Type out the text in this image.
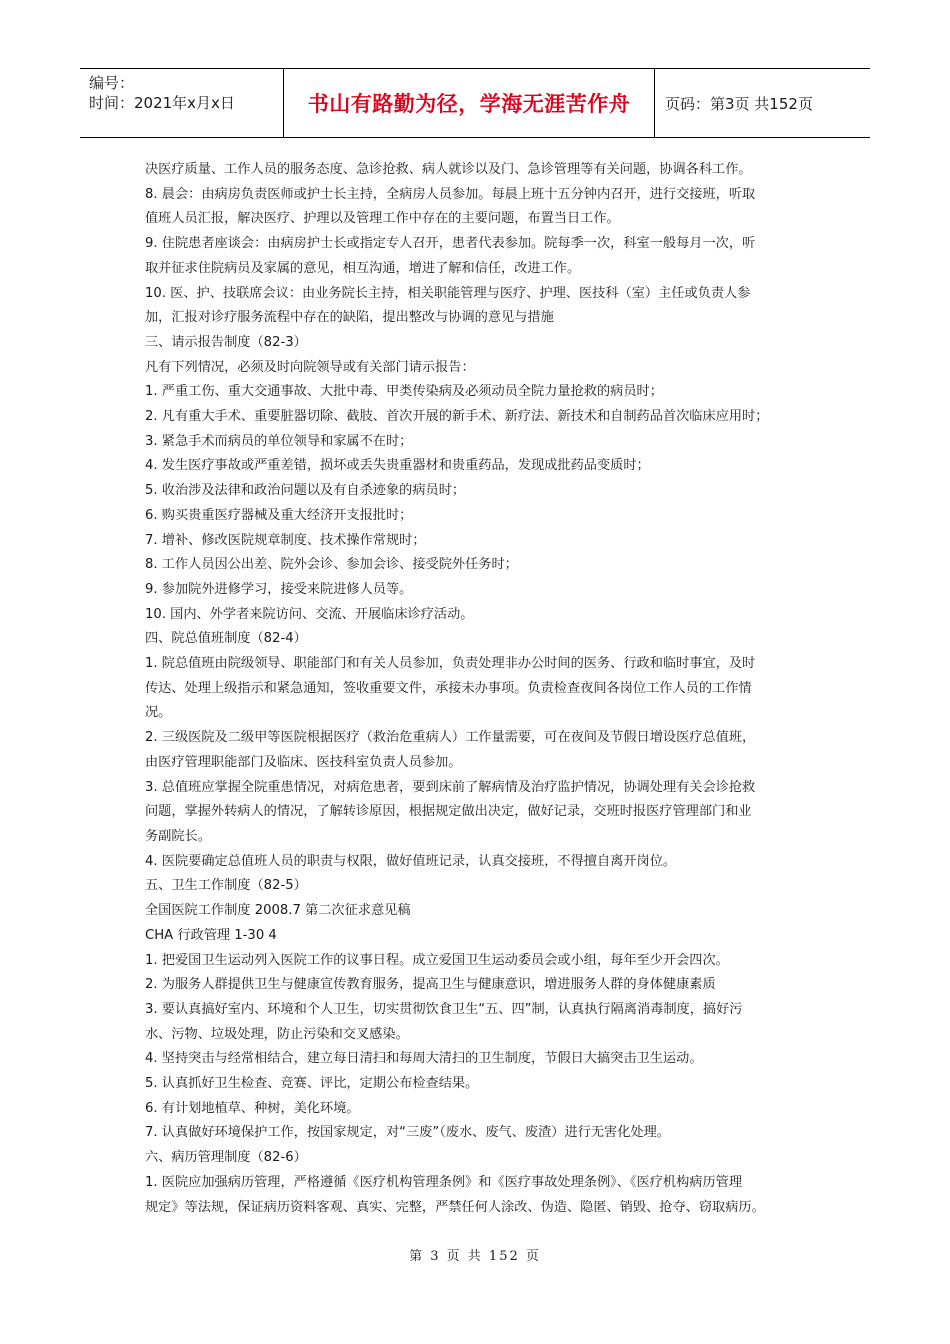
编号：
时间：2021年x月x日	书山有路勤为径，学海无涯苦作舟	页码：第3页 共152页

决医疗质量、工作人员的服务态度、急诊抢救、病人就诊以及门、急诊管理等有关问题，协调各科工作。

8. 晨会：由病房负责医师或护士长主持，全病房人员参加。每晨上班十五分钟内召开，进行交接班，听取

值班人员汇报，解决医疗、护理以及管理工作中存在的主要问题，布置当日工作。

9. 住院患者座谈会：由病房护士长或指定专人召开，患者代表参加。院每季一次，科室一般每月一次，听

取并征求住院病员及家属的意见，相互沟通，增进了解和信任，改进工作。

10. 医、护、技联席会议：由业务院长主持，相关职能管理与医疗、护理、医技科（室）主任或负责人参

加，汇报对诊疗服务流程中存在的缺陷，提出整改与协调的意见与措施

三、请示报告制度（82-3）

凡有下列情况，必须及时向院领导或有关部门请示报告：

1. 严重工伤、重大交通事故、大批中毒、甲类传染病及必须动员全院力量抢救的病员时；

2. 凡有重大手术、重要脏器切除、截肢、首次开展的新手术、新疗法、新技术和自制药品首次临床应用时；

3. 紧急手术而病员的单位领导和家属不在时；

4. 发生医疗事故或严重差错，损坏或丢失贵重器材和贵重药品，发现成批药品变质时；

5. 收治涉及法律和政治问题以及有自杀迹象的病员时；

6. 购买贵重医疗器械及重大经济开支报批时；

7. 增补、修改医院规章制度、技术操作常规时；

8. 工作人员因公出差、院外会诊、参加会诊、接受院外任务时；

9. 参加院外进修学习，接受来院进修人员等。

10. 国内、外学者来院访问、交流、开展临床诊疗活动。

四、院总值班制度（82-4）

1. 院总值班由院级领导、职能部门和有关人员参加，负责处理非办公时间的医务、行政和临时事宜，及时

传达、处理上级指示和紧急通知，签收重要文件，承接未办事项。负责检查夜间各岗位工作人员的工作情

况。

2. 三级医院及二级甲等医院根据医疗（救治危重病人）工作量需要，可在夜间及节假日增设医疗总值班，

由医疗管理职能部门及临床、医技科室负责人员参加。

3. 总值班应掌握全院重患情况，对病危患者，要到床前了解病情及治疗监护情况，协调处理有关会诊抢救

问题，掌握外转病人的情况，了解转诊原因，根据规定做出决定，做好记录，交班时报医疗管理部门和业

务副院长。

4. 医院要确定总值班人员的职责与权限，做好值班记录，认真交接班，不得擅自离开岗位。

五、卫生工作制度（82-5）

全国医院工作制度 2008.7 第二次征求意见稿

CHA 行政管理 1-30 4

1. 把爱国卫生运动列入医院工作的议事日程。成立爱国卫生运动委员会或小组，每年至少开会四次。

2. 为服务人群提供卫生与健康宣传教育服务，提高卫生与健康意识，增进服务人群的身体健康素质

3. 要认真搞好室内、环境和个人卫生，切实贯彻饮食卫生“五、四”制，认真执行隔离消毒制度，搞好污

水、污物、垃圾处理，防止污染和交叉感染。

4. 坚持突击与经常相结合，建立每日清扫和每周大清扫的卫生制度，节假日大搞突击卫生运动。

5. 认真抓好卫生检查、竞赛、评比，定期公布检查结果。

6. 有计划地植草、种树，美化环境。

7. 认真做好环境保护工作，按国家规定，对“三废”（废水、废气、废渣）进行无害化处理。

六、病历管理制度（82-6）

1. 医院应加强病历管理，严格遵循《医疗机构管理条例》和《医疗事故处理条例》、《医疗机构病历管理

规定》等法规，保证病历资料客观、真实、完整，严禁任何人涂改、伪造、隐匿、销毁、抢夺、窃取病历。

第 3 页 共 152 页
